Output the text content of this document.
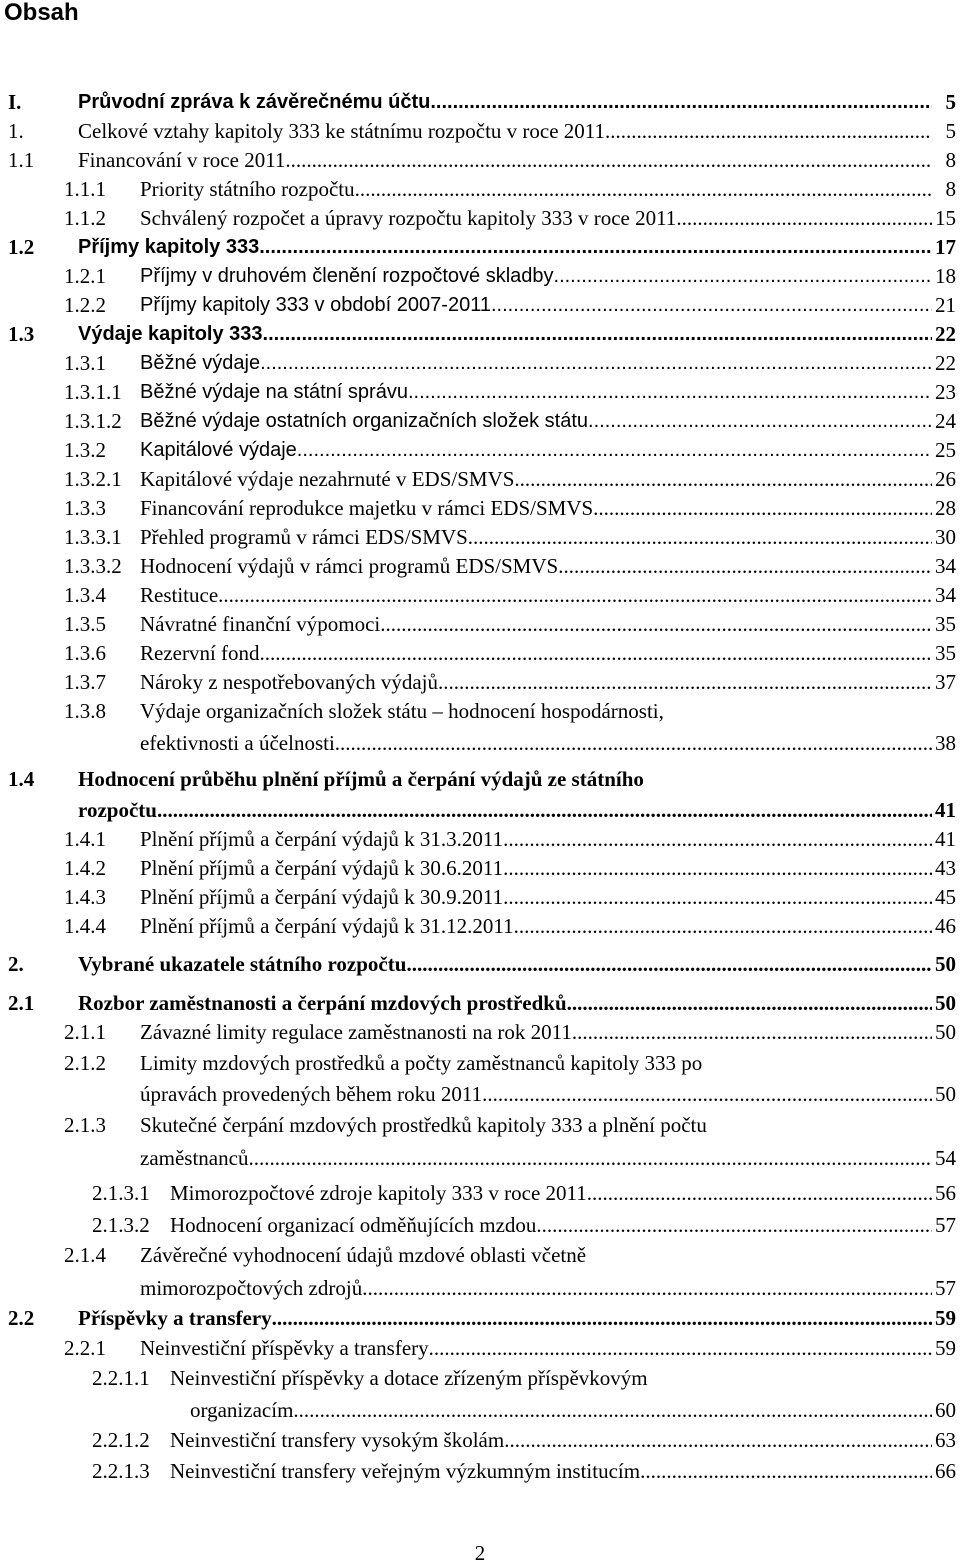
Obsah
I.	Průvodní zpráva k závěrečnému účtu .....	5
1.	Celkové vztahy kapitoly 333 ke státnímu rozpočtu v roce 2011 .....	5
1.1 Financování v roce 2011 .....	8
1.1.1 Priority státního rozpočtu .....	8
1.1.2 Schválený rozpočet a úpravy rozpočtu kapitoly 333 v roce 2011 .....	15
1.2 Příjmy kapitoly 333 .....	17
1.2.1 Příjmy v druhovém členění rozpočtové skladby .....	18
1.2.2 Příjmy kapitoly 333 v období 2007-2011 .....	21
1.3 Výdaje kapitoly 333 .....	22
1.3.1 Běžné výdaje .....	22
1.3.1.1 Běžné výdaje na státní správu .....	23
1.3.1.2 Běžné výdaje ostatních organizačních složek státu .....	24
1.3.2 Kapitálové výdaje .....	25
1.3.2.1 Kapitálové výdaje nezahrnuté v EDS/SMVS .....	26
1.3.3 Financování reprodukce majetku v rámci EDS/SMVS .....	28
1.3.3.1 Přehled programů v rámci EDS/SMVS .....	30
1.3.3.2 Hodnocení výdajů v rámci programů EDS/SMVS .....	34
1.3.4 Restituce .....	34
1.3.5 Návratné finanční výpomoci .....	35
1.3.6 Rezervní fond .....	35
1.3.7 Nároky z nespotřebovaných výdajů .....	37
1.3.8 Výdaje organizačních složek státu – hodnocení hospodárnosti,
efektivnosti a účelnosti .....	38
1.4 Hodnocení průběhu plnění příjmů a čerpání výdajů ze státního
rozpočtu .....	41
1.4.1 Plnění příjmů a čerpání výdajů k 31.3.2011 .....	41
1.4.2 Plnění příjmů a čerpání výdajů k 30.6.2011 .....	43
1.4.3 Plnění příjmů a čerpání výdajů k 30.9.2011 .....	45
1.4.4 Plnění příjmů a čerpání výdajů k 31.12.2011 .....	46
2.	Vybrané ukazatele státního rozpočtu .....	50
2.1 Rozbor zaměstnanosti a čerpání mzdových prostředků .....	50
2.1.1 Závazné limity regulace zaměstnanosti na rok 2011 .....	50
2.1.2 Limity mzdových prostředků a počty zaměstnanců kapitoly 333 po
úpravách provedených během roku 2011 .....	50
2.1.3 Skutečné čerpání mzdových prostředků kapitoly 333 a plnění počtu
zaměstnanců .....	54
2.1.3.1 Mimorozpočtové zdroje kapitoly 333 v roce 2011 .....	56
2.1.3.2 Hodnocení organizací odměňujících mzdou .....	57
2.1.4 Závěrečné vyhodnocení údajů mzdové oblasti včetně
mimorozpočtových zdrojů .....	57
2.2 Příspěvky a transfery .....	59
2.2.1 Neinvestiční příspěvky a transfery .....	59
2.2.1.1 Neinvestiční příspěvky a dotace zřízeným příspěvkovým
organizacím .....	60
2.2.1.2 Neinvestiční transfery vysokým školám .....	63
2.2.1.3 Neinvestiční transfery veřejným výzkumným institucím .....	66
2
